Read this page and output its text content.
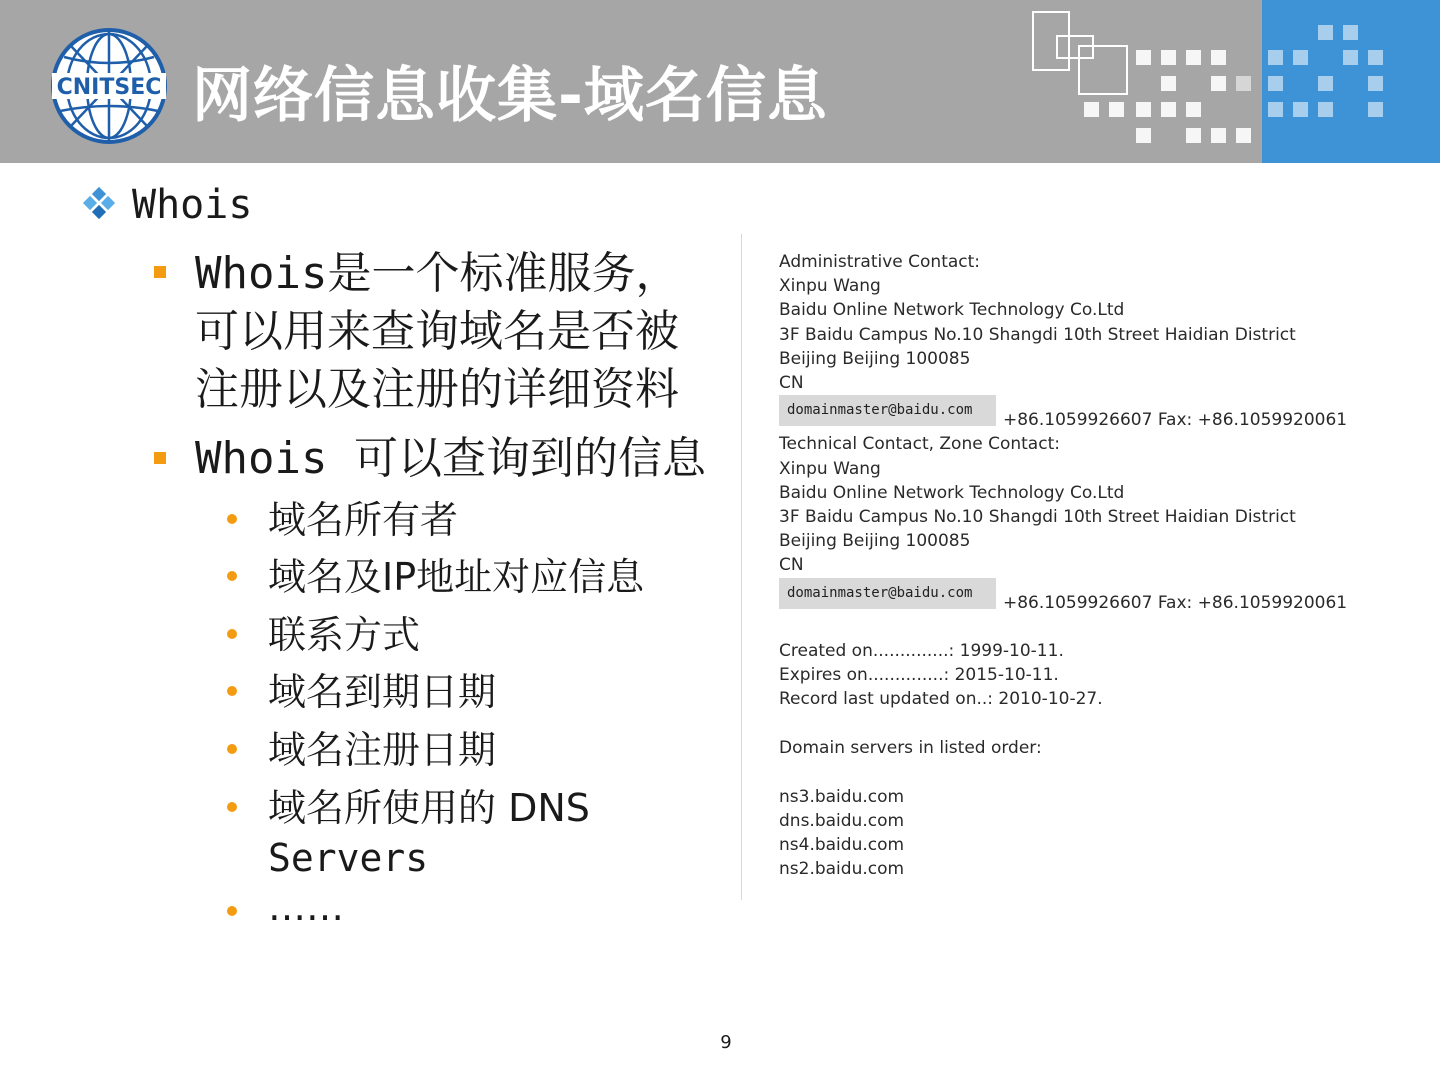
CNITSEC 网络信息收集-域名信息
Whois
Whois是一个标准服务，
可以用来查询域名是否被
注册以及注册的详细资料
Whois 可以查询到的信息
域名所有者
域名及IP地址对应信息
联系方式
域名到期日期
域名注册日期
域名所使用的 DNS
Servers
……
Administrative Contact:
Xinpu Wang
Baidu Online Network Technology Co.Ltd
3F Baidu Campus No.10 Shangdi 10th Street Haidian District
Beijing Beijing 100085
CN
domainmaster@baidu.com	+86.1059926607 Fax: +86.1059920061
Technical Contact, Zone Contact:
Xinpu Wang
Baidu Online Network Technology Co.Ltd
3F Baidu Campus No.10 Shangdi 10th Street Haidian District
Beijing Beijing 100085
CN
domainmaster@baidu.com	+86.1059926607 Fax: +86.1059920061
Created on..............: 1999-10-11.
Expires on..............: 2015-10-11.
Record last updated on..: 2010-10-27.
Domain servers in listed order:
ns3.baidu.com
dns.baidu.com
ns4.baidu.com
ns2.baidu.com
9
